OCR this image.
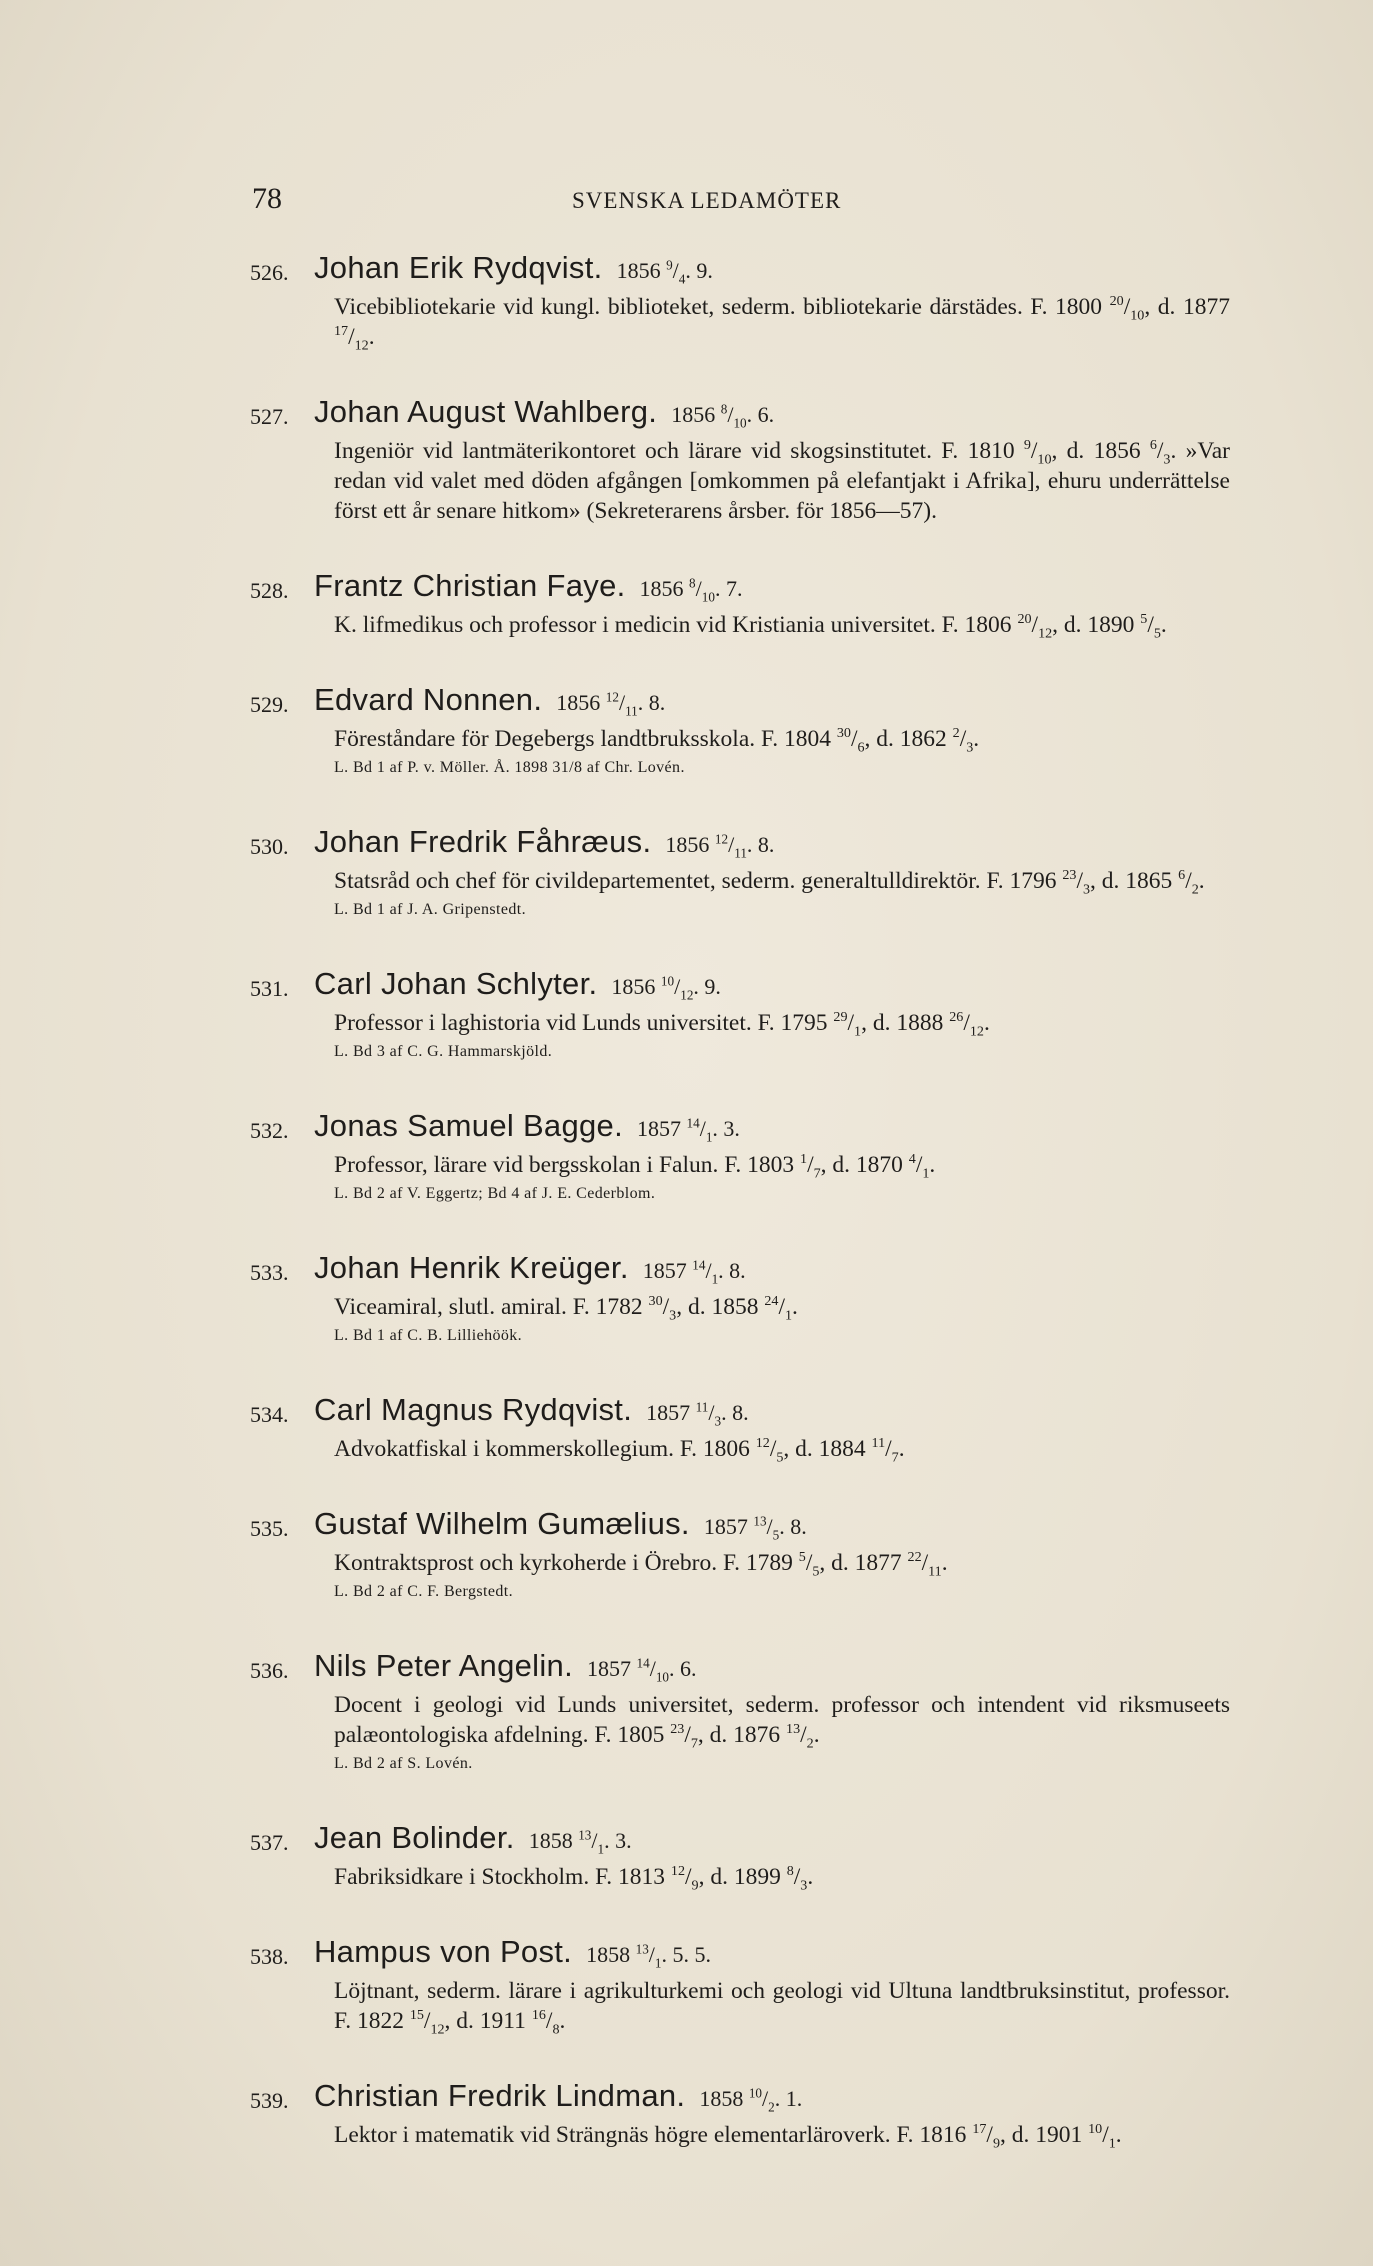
78	SVENSKA LEDAMÖTER
526. Johan Erik Rydqvist. 1856 $^9/_4$. 9.
Vicebibliotekarie vid kungl. biblioteket, sederm. bibliotekarie därstädes. F. 1800 $^{20}/_{10}$, d. 1877 $^{17}/_{12}$.
527. Johan August Wahlberg. 1856 $^8/_{10}$. 6.
Ingeniör vid lantmäterikontoret och lärare vid skogsinstitutet. F. 1810 $^9/_{10}$, d. 1856 $^6/_3$. »Var redan vid valet med döden afgången [omkommen på elefantjakt i Afrika], ehuru underrättelse först ett år senare hitkom» (Sekreterarens årsber. för 1856—57).
528. Frantz Christian Faye. 1856 $^8/_{10}$. 7.
K. lifmedikus och professor i medicin vid Kristiania universitet. F. 1806 $^{20}/_{12}$, d. 1890 $^5/_5$.
529. Edvard Nonnen. 1856 $^{12}/_{11}$. 8.
Föreståndare för Degebergs landtbruksskola. F. 1804 $^{30}/_6$, d. 1862 $^2/_3$.
L. Bd 1 af P. v. Möller. Å. 1898 31/8 af Chr. Lovén.
530. Johan Fredrik Fåhræus. 1856 $^{12}/_{11}$. 8.
Statsråd och chef för civildepartementet, sederm. generaltulldirektör. F. 1796 $^{23}/_3$, d. 1865 $^6/_2$.
L. Bd 1 af J. A. Gripenstedt.
531. Carl Johan Schlyter. 1856 $^{10}/_{12}$. 9.
Professor i laghistoria vid Lunds universitet. F. 1795 $^{29}/_1$, d. 1888 $^{26}/_{12}$.
L. Bd 3 af C. G. Hammarskjöld.
532. Jonas Samuel Bagge. 1857 $^{14}/_1$. 3.
Professor, lärare vid bergsskolan i Falun. F. 1803 $^1/_7$, d. 1870 $^4/_1$.
L. Bd 2 af V. Eggertz; Bd 4 af J. E. Cederblom.
533. Johan Henrik Kreüger. 1857 $^{14}/_1$. 8.
Viceamiral, slutl. amiral. F. 1782 $^{30}/_3$, d. 1858 $^{24}/_1$.
L. Bd 1 af C. B. Lilliehöök.
534. Carl Magnus Rydqvist. 1857 $^{11}/_3$. 8.
Advokatfiskal i kommerskollegium. F. 1806 $^{12}/_5$, d. 1884 $^{11}/_7$.
535. Gustaf Wilhelm Gumælius. 1857 $^{13}/_5$. 8.
Kontraktsprost och kyrkoherde i Örebro. F. 1789 $^5/_5$, d. 1877 $^{22}/_{11}$.
L. Bd 2 af C. F. Bergstedt.
536. Nils Peter Angelin. 1857 $^{14}/_{10}$. 6.
Docent i geologi vid Lunds universitet, sederm. professor och intendent vid riksmuseets palæontologiska afdelning. F. 1805 $^{23}/_7$, d. 1876 $^{13}/_2$.
L. Bd 2 af S. Lovén.
537. Jean Bolinder. 1858 $^{13}/_1$. 3.
Fabriksidkare i Stockholm. F. 1813 $^{12}/_9$, d. 1899 $^8/_3$.
538. Hampus von Post. 1858 $^{13}/_1$. 5. 5.
Löjtnant, sederm. lärare i agrikulturkemi och geologi vid Ultuna landtbruksinstitut, professor. F. 1822 $^{15}/_{12}$, d. 1911 $^{16}/_8$.
539. Christian Fredrik Lindman. 1858 $^{10}/_2$. 1.
Lektor i matematik vid Strängnäs högre elementarläroverk. F. 1816 $^{17}/_9$, d. 1901 $^{10}/_1$.
